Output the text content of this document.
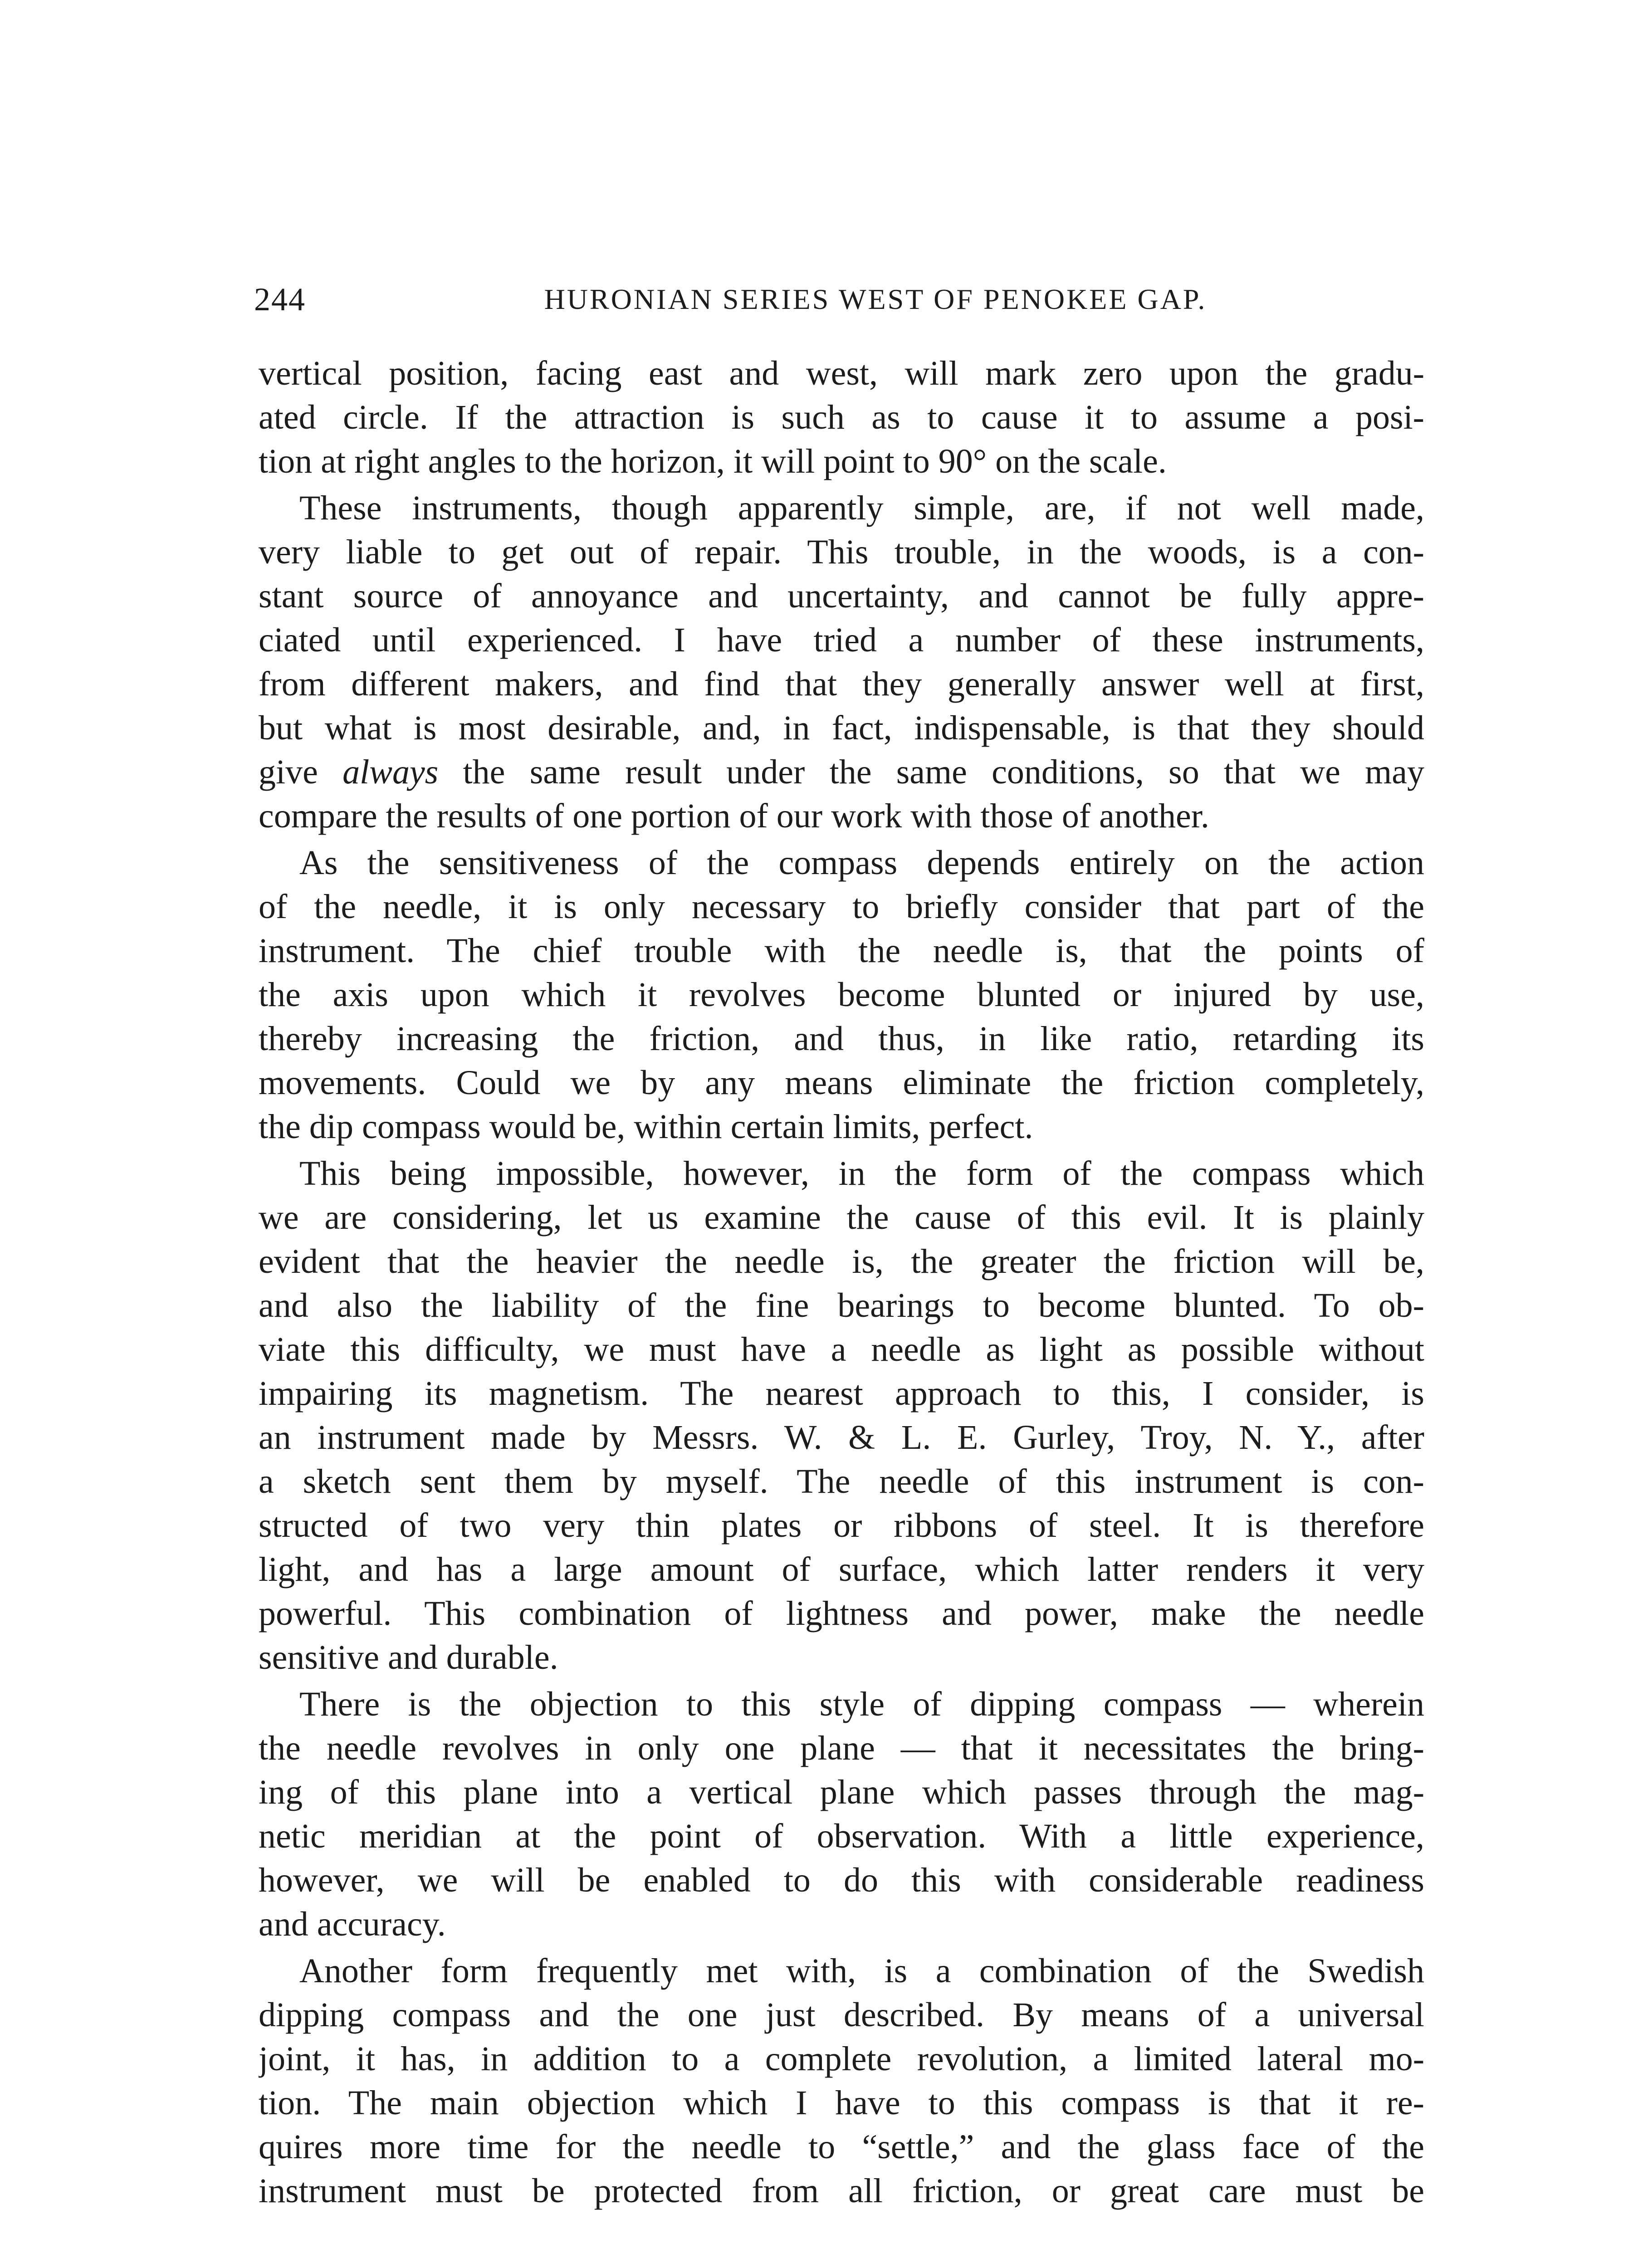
244	HURONIAN SERIES WEST OF PENOKEE GAP.
vertical position, facing east and west, will mark zero upon the gradu-
ated circle. If the attraction is such as to cause it to assume a posi-
tion at right angles to the horizon, it will point to 90° on the scale.
These instruments, though apparently simple, are, if not well made,
very liable to get out of repair. This trouble, in the woods, is a con-
stant source of annoyance and uncertainty, and cannot be fully appre-
ciated until experienced. I have tried a number of these instruments,
from different makers, and find that they generally answer well at first,
but what is most desirable, and, in fact, indispensable, is that they should
give always the same result under the same conditions, so that we may
compare the results of one portion of our work with those of another.
As the sensitiveness of the compass depends entirely on the action
of the needle, it is only necessary to briefly consider that part of the
instrument. The chief trouble with the needle is, that the points of
the axis upon which it revolves become blunted or injured by use,
thereby increasing the friction, and thus, in like ratio, retarding its
movements. Could we by any means eliminate the friction completely,
the dip compass would be, within certain limits, perfect.
This being impossible, however, in the form of the compass which
we are considering, let us examine the cause of this evil. It is plainly
evident that the heavier the needle is, the greater the friction will be,
and also the liability of the fine bearings to become blunted. To ob-
viate this difficulty, we must have a needle as light as possible without
impairing its magnetism. The nearest approach to this, I consider, is
an instrument made by Messrs. W. & L. E. Gurley, Troy, N. Y., after
a sketch sent them by myself. The needle of this instrument is con-
structed of two very thin plates or ribbons of steel. It is therefore
light, and has a large amount of surface, which latter renders it very
powerful. This combination of lightness and power, make the needle
sensitive and durable.
There is the objection to this style of dipping compass — wherein
the needle revolves in only one plane — that it necessitates the bring-
ing of this plane into a vertical plane which passes through the mag-
netic meridian at the point of observation. With a little experience,
however, we will be enabled to do this with considerable readiness
and accuracy.
Another form frequently met with, is a combination of the Swedish
dipping compass and the one just described. By means of a universal
joint, it has, in addition to a complete revolution, a limited lateral mo-
tion. The main objection which I have to this compass is that it re-
quires more time for the needle to “settle,” and the glass face of the
instrument must be protected from all friction, or great care must be
